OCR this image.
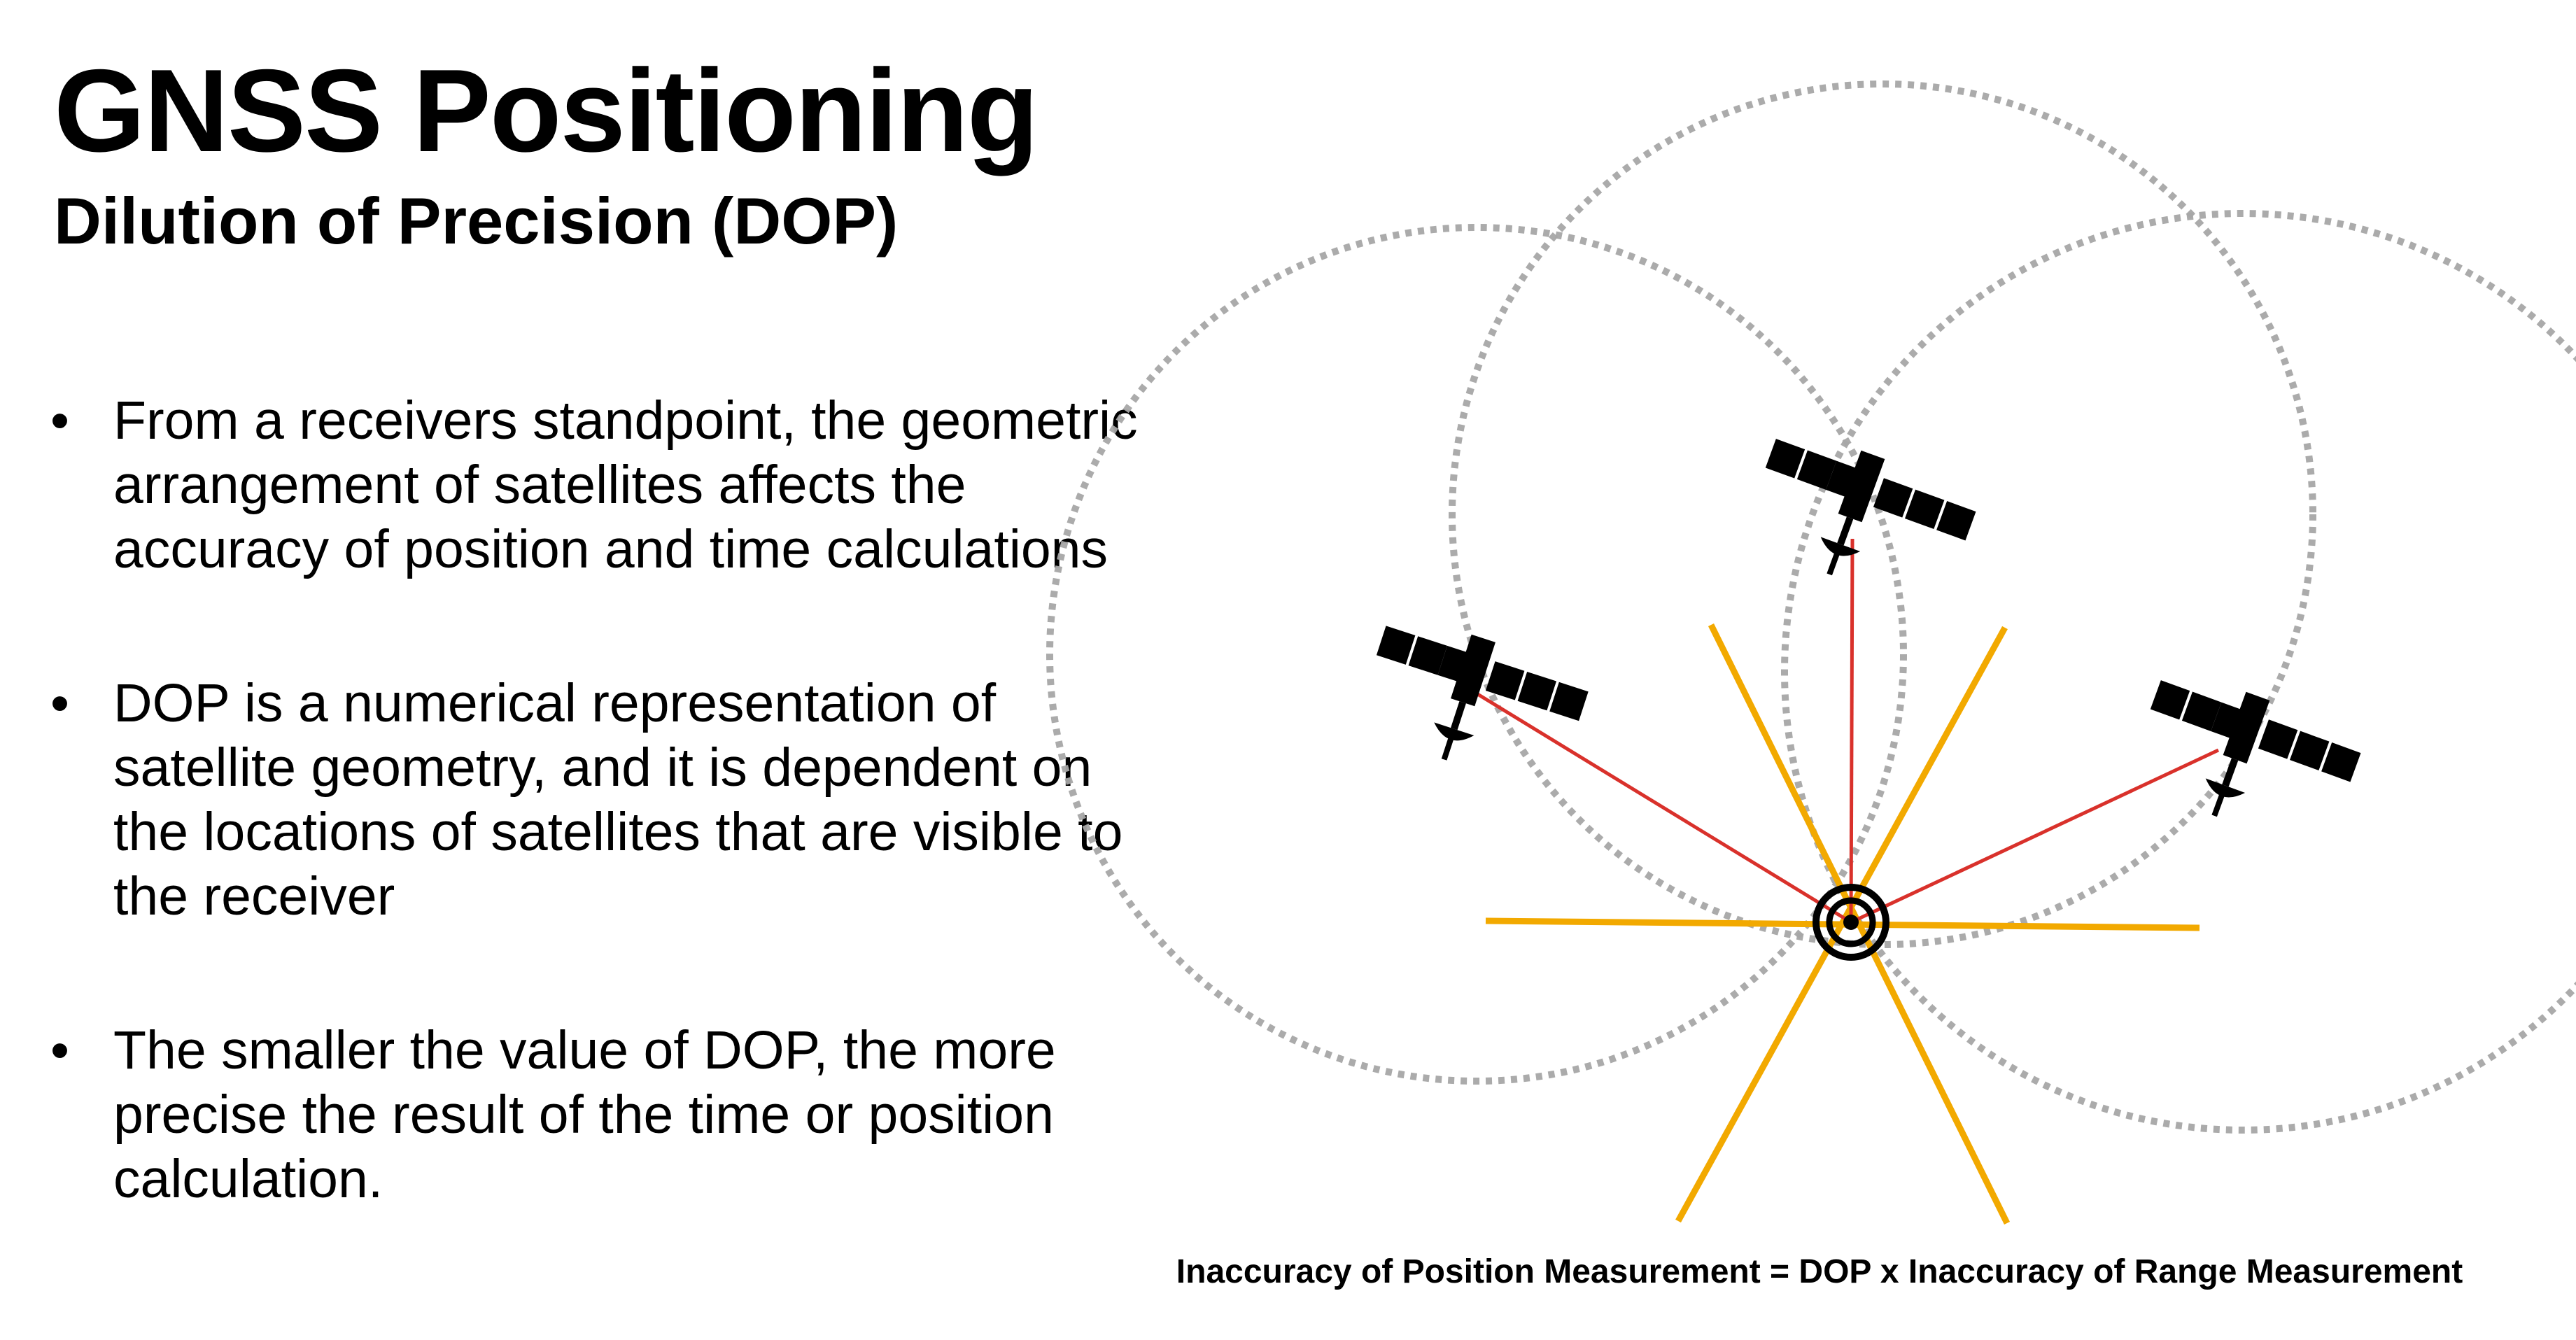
GNSS Positioning
Dilution of Precision (DOP)
• From a receivers standpoint, the geometric arrangement of satellites affects the accuracy of position and time calculations
• DOP is a numerical representation of satellite geometry, and it is dependent on the locations of satellites that are visible to the receiver
• The smaller the value of DOP, the more precise the result of the time or position calculation.

Inaccuracy of Position Measurement = DOP x Inaccuracy of Range Measurement
